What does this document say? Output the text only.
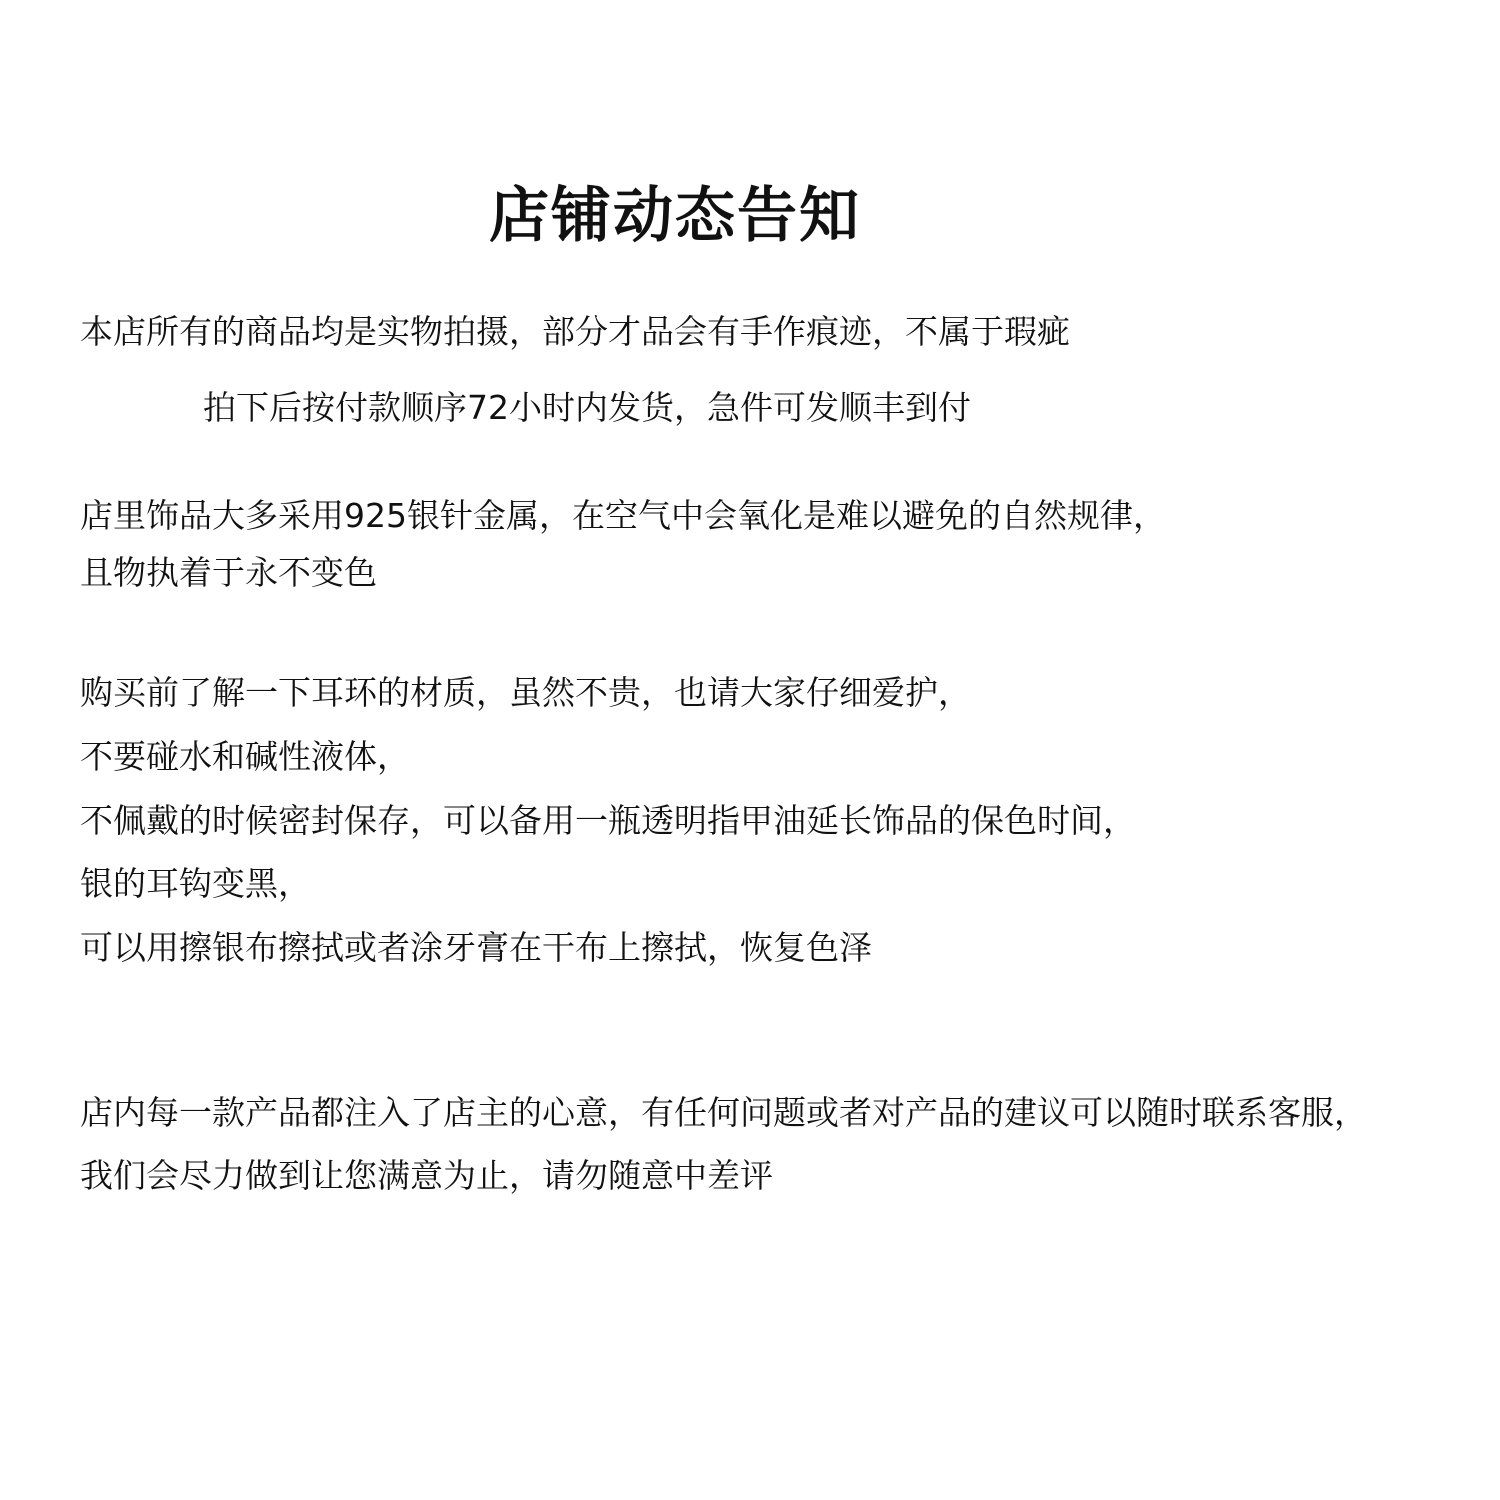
店铺动态告知
本店所有的商品均是实物拍摄，部分才品会有手作痕迹，不属于瑕疵
拍下后按付款顺序72小时内发货，急件可发顺丰到付
店里饰品大多采用925银针金属，在空气中会氧化是难以避免的自然规律，
且物执着于永不变色
购买前了解一下耳环的材质，虽然不贵，也请大家仔细爱护，
不要碰水和碱性液体，
不佩戴的时候密封保存，可以备用一瓶透明指甲油延长饰品的保色时间，
银的耳钩变黑，
可以用擦银布擦拭或者涂牙膏在干布上擦拭，恢复色泽
店内每一款产品都注入了店主的心意，有任何问题或者对产品的建议可以随时联系客服，
我们会尽力做到让您满意为止，请勿随意中差评
